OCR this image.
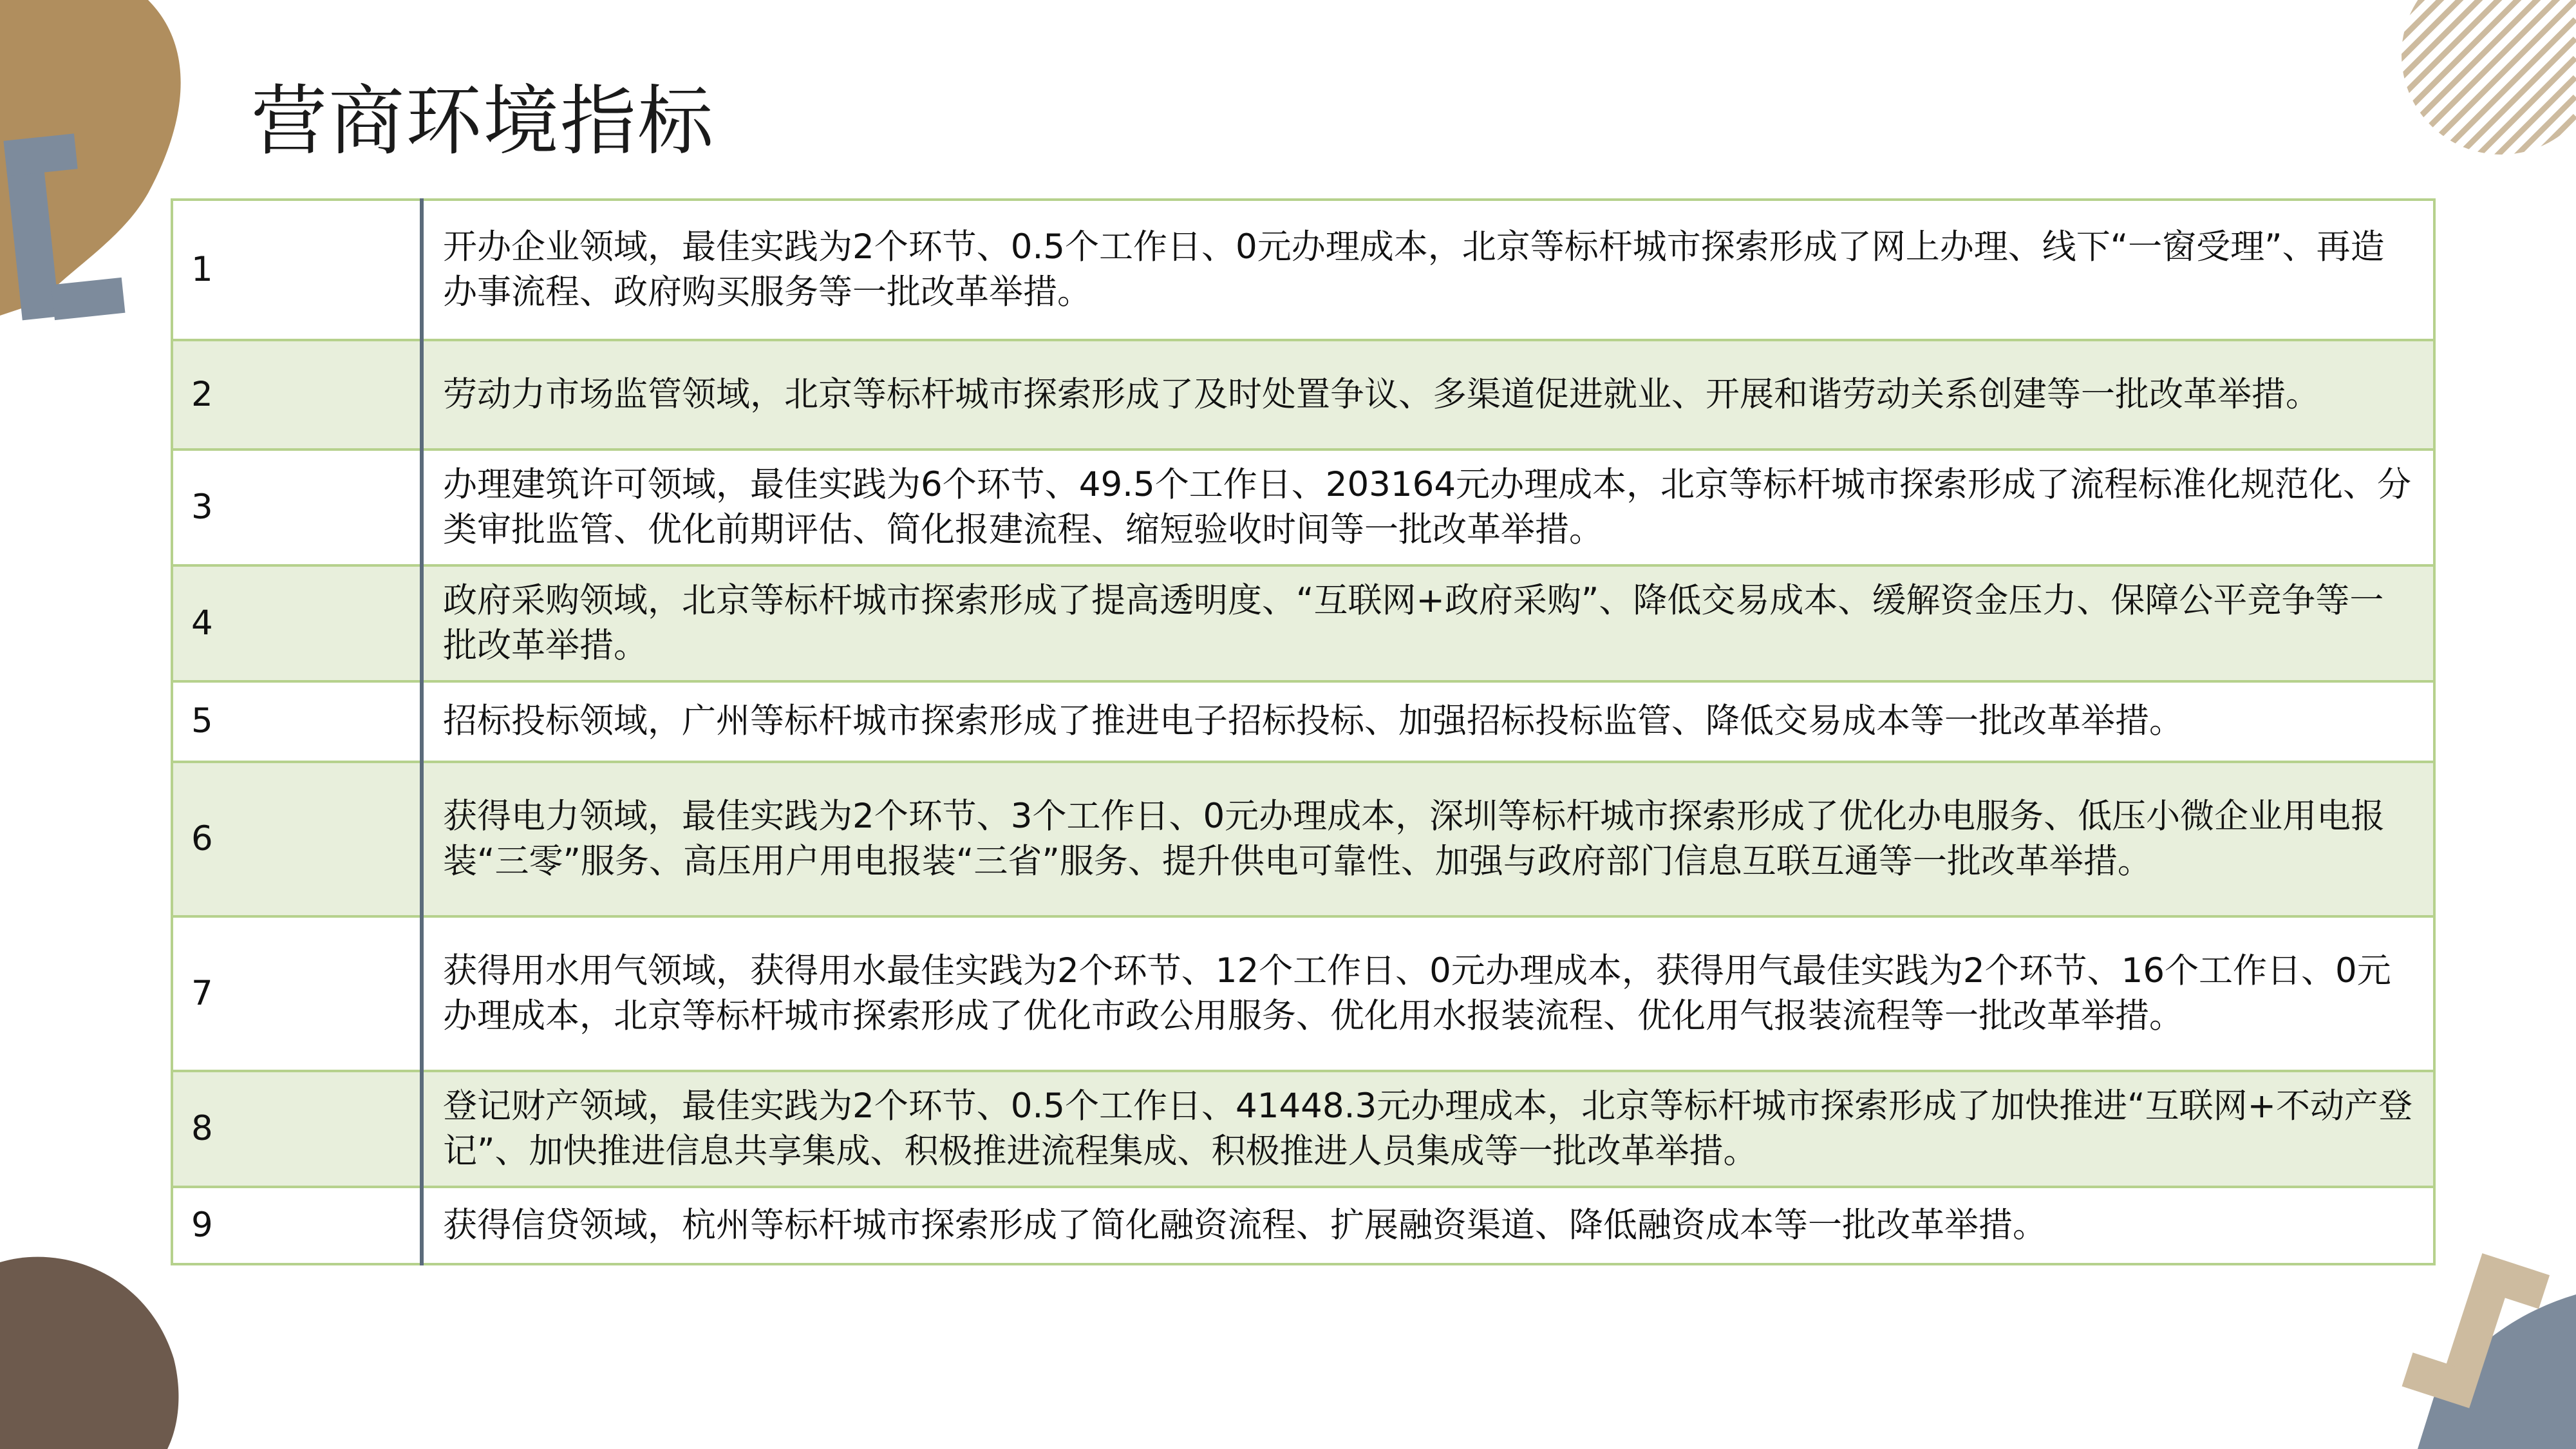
营商环境指标
1	开办企业领域，最佳实践为2个环节、0.5个工作日、0元办理成本，北京等标杆城市探索形成了网上办理、线下“一窗受理”、再造办事流程、政府购买服务等一批改革举措。
2	劳动力市场监管领域，北京等标杆城市探索形成了及时处置争议、多渠道促进就业、开展和谐劳动关系创建等一批改革举措。
3	办理建筑许可领域，最佳实践为6个环节、49.5个工作日、203164元办理成本，北京等标杆城市探索形成了流程标准化规范化、分类审批监管、优化前期评估、简化报建流程、缩短验收时间等一批改革举措。
4	政府采购领域，北京等标杆城市探索形成了提高透明度、“互联网+政府采购”、降低交易成本、缓解资金压力、保障公平竞争等一批改革举措。
5	招标投标领域，广州等标杆城市探索形成了推进电子招标投标、加强招标投标监管、降低交易成本等一批改革举措。
6	获得电力领域，最佳实践为2个环节、3个工作日、0元办理成本，深圳等标杆城市探索形成了优化办电服务、低压小微企业用电报装“三零”服务、高压用户用电报装“三省”服务、提升供电可靠性、加强与政府部门信息互联互通等一批改革举措。
7	获得用水用气领域，获得用水最佳实践为2个环节、12个工作日、0元办理成本，获得用气最佳实践为2个环节、16个工作日、0元办理成本，北京等标杆城市探索形成了优化市政公用服务、优化用水报装流程、优化用气报装流程等一批改革举措。
8	登记财产领域，最佳实践为2个环节、0.5个工作日、41448.3元办理成本，北京等标杆城市探索形成了加快推进“互联网+不动产登记”、加快推进信息共享集成、积极推进流程集成、积极推进人员集成等一批改革举措。
9	获得信贷领域，杭州等标杆城市探索形成了简化融资流程、扩展融资渠道、降低融资成本等一批改革举措。
